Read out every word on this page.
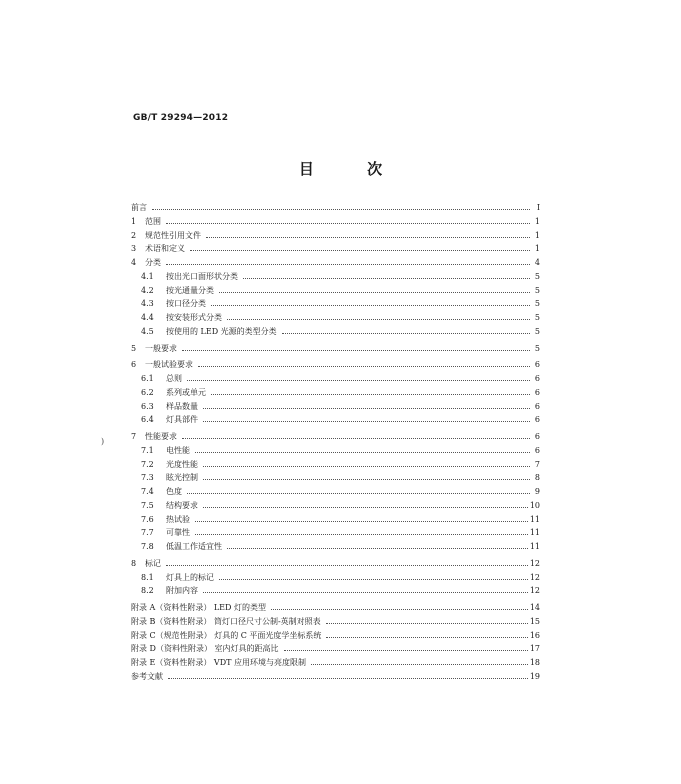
GB/T 29294—2012
目 次
)
前言	Ⅰ
1	范围	1
2	规范性引用文件	1
3	术语和定义	1
4	分类	4
4.1	按出光口面形状分类	5
4.2	按光通量分类	5
4.3	按口径分类	5
4.4	按安装形式分类	5
4.5	按使用的 LED 光源的类型分类	5
5	一般要求	5
6	一般试验要求	6
6.1	总则	6
6.2	系列或单元	6
6.3	样品数量	6
6.4	灯具部件	6
7	性能要求	6
7.1	电性能	6
7.2	光度性能	7
7.3	眩光控制	8
7.4	色度	9
7.5	结构要求	10
7.6	热试验	11
7.7	可靠性	11
7.8	低温工作适宜性	11
8	标记	12
8.1	灯具上的标记	12
8.2	附加内容	12
附录 A（资料性附录） LED 灯的类型	14
附录 B（资料性附录） 筒灯口径尺寸公制-英制对照表	15
附录 C（规范性附录） 灯具的 C 平面光度学坐标系统	16
附录 D（资料性附录） 室内灯具的距高比	17
附录 E（资料性附录） VDT 应用环境与亮度限制	18
参考文献	19
